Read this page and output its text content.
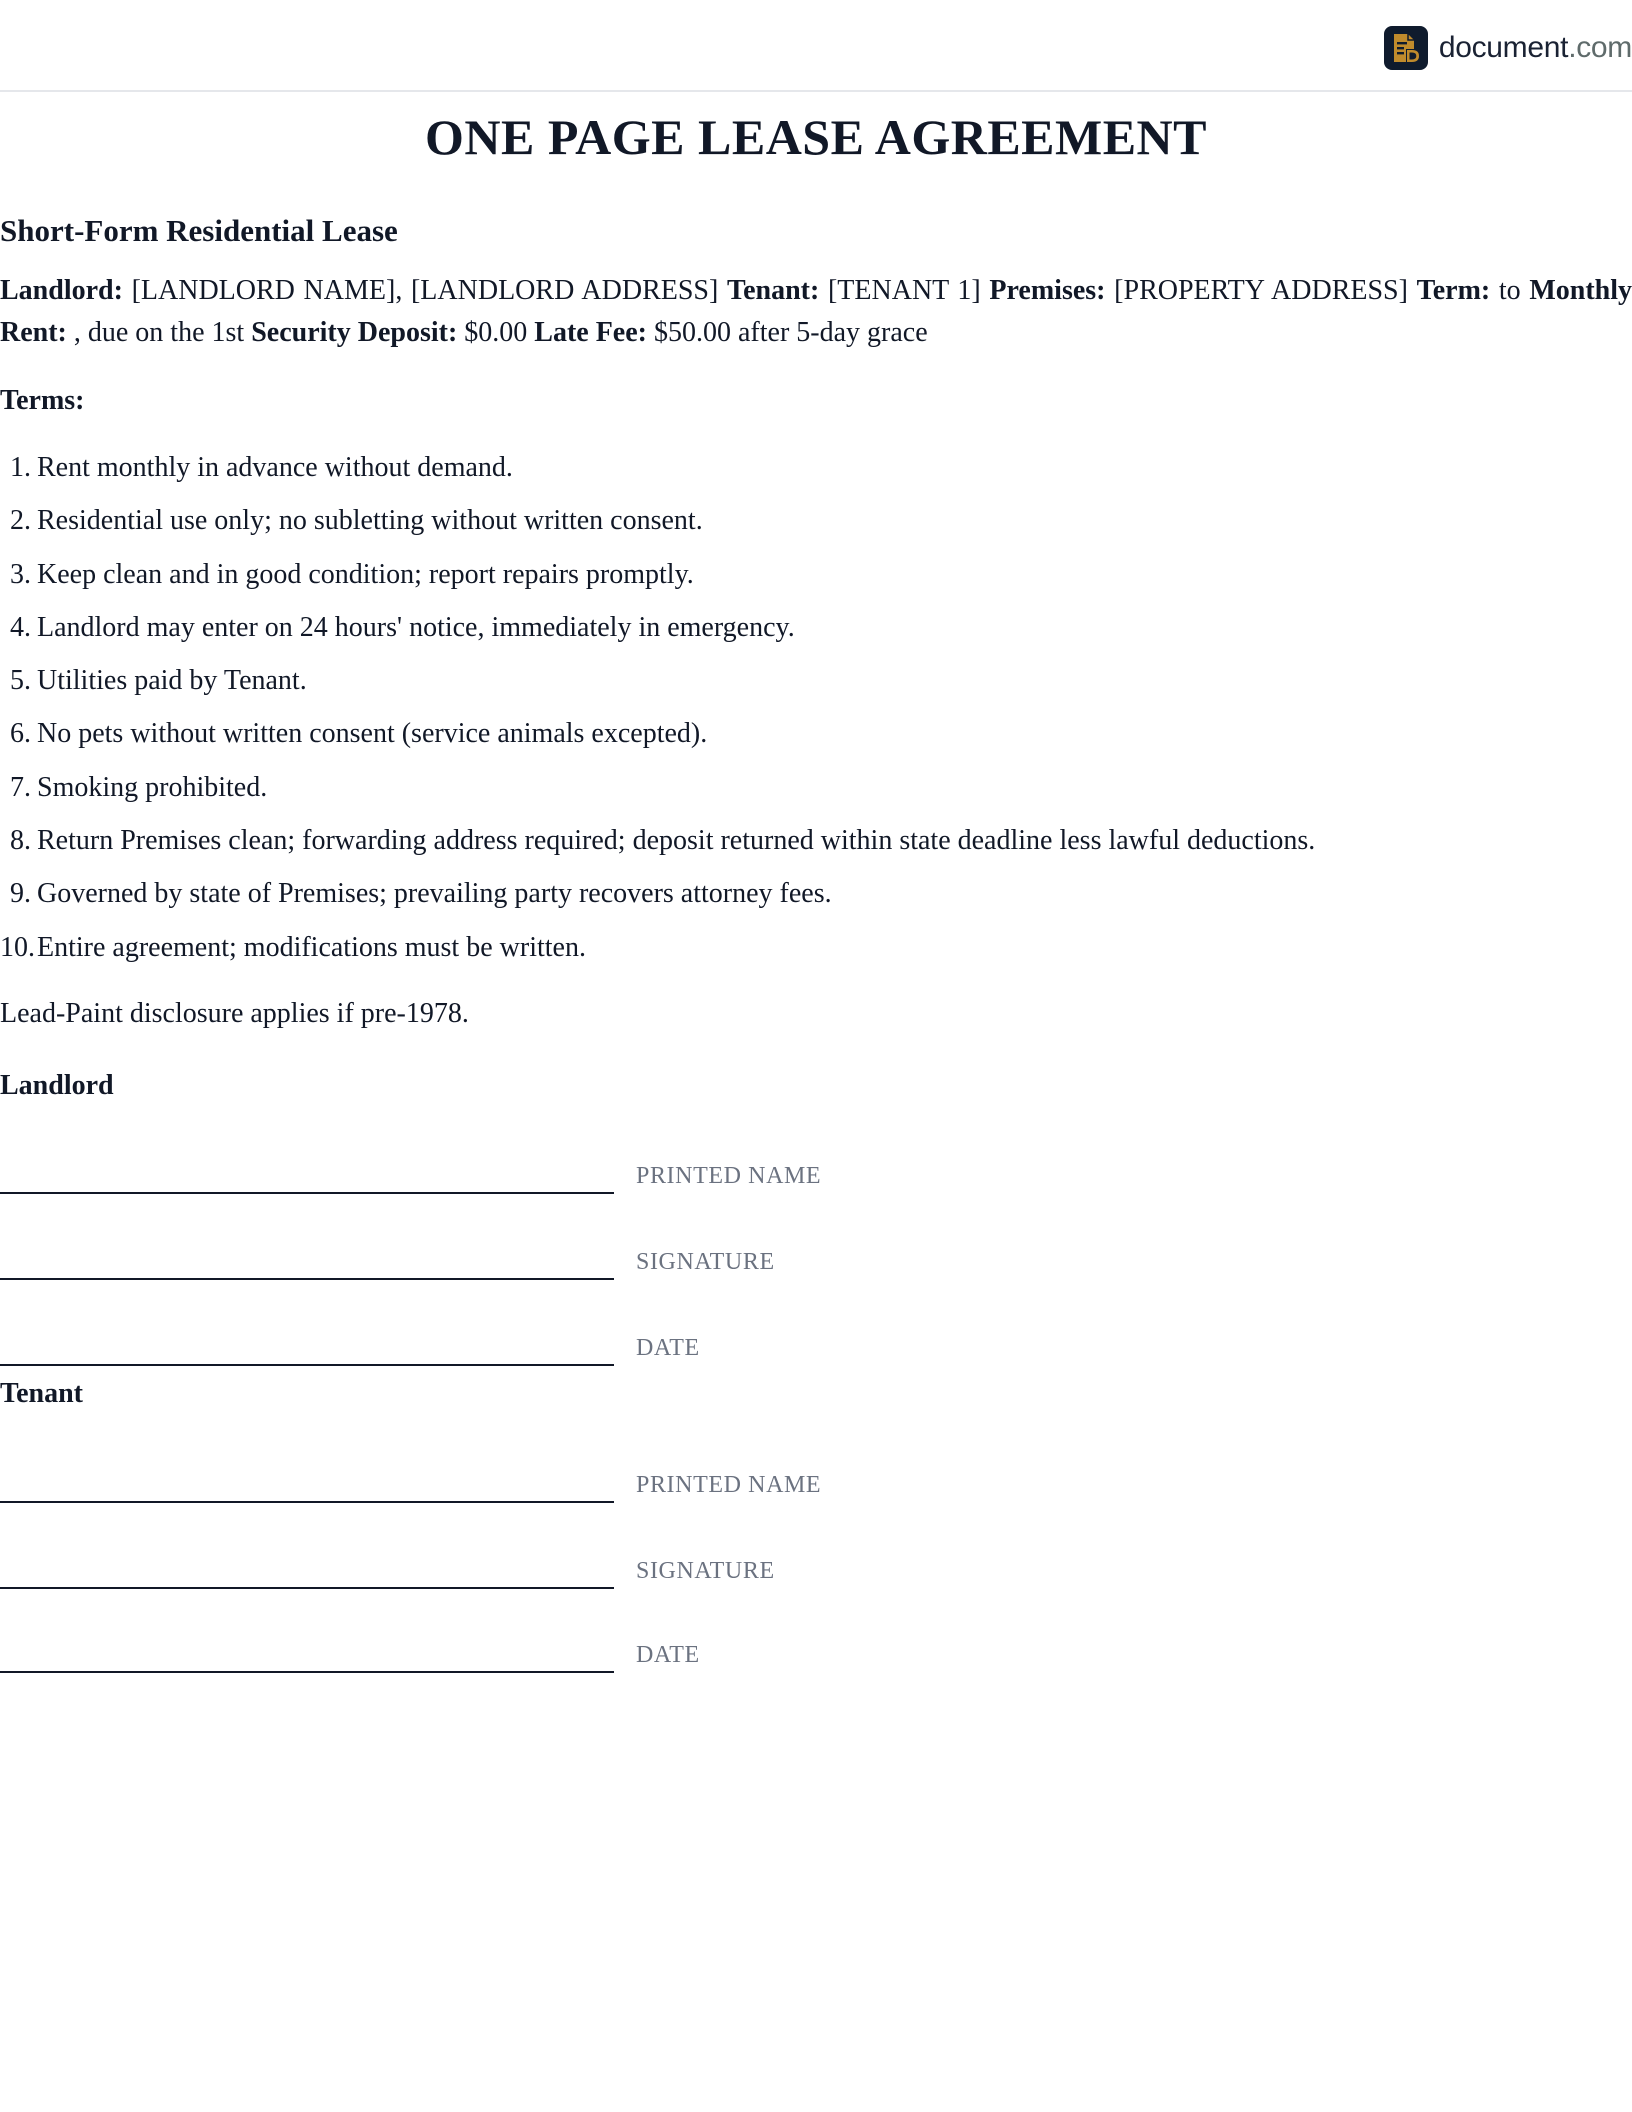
document.com
ONE PAGE LEASE AGREEMENT
Short-Form Residential Lease

Landlord: [LANDLORD NAME], [LANDLORD ADDRESS] Tenant: [TENANT 1] Premises: [PROPERTY ADDRESS] Term: to Monthly Rent: , due on the 1st Security Deposit: $0.00 Late Fee: $50.00 after 5-day grace

Terms:
1. Rent monthly in advance without demand.
2. Residential use only; no subletting without written consent.
3. Keep clean and in good condition; report repairs promptly.
4. Landlord may enter on 24 hours' notice, immediately in emergency.
5. Utilities paid by Tenant.
6. No pets without written consent (service animals excepted).
7. Smoking prohibited.
8. Return Premises clean; forwarding address required; deposit returned within state deadline less lawful deductions.
9. Governed by state of Premises; prevailing party recovers attorney fees.
10. Entire agreement; modifications must be written.

Lead-Paint disclosure applies if pre-1978.

Landlord
PRINTED NAME
SIGNATURE
DATE
Tenant
PRINTED NAME
SIGNATURE
DATE
